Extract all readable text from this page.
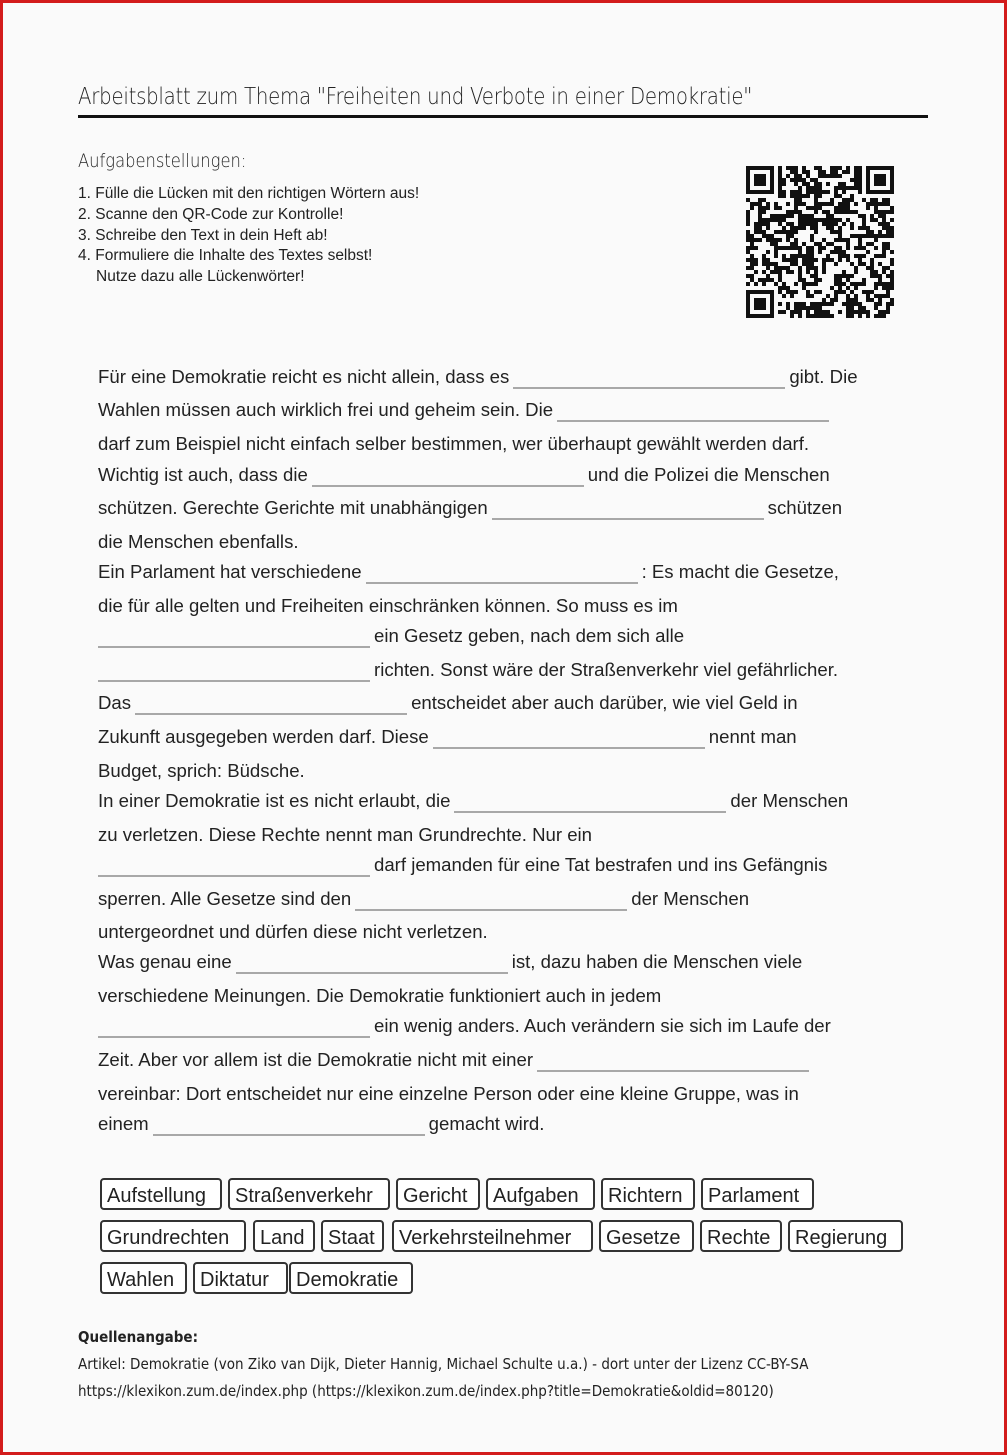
Arbeitsblatt zum Thema "Freiheiten und Verbote in einer Demokratie"
Aufgabenstellungen:
1. Fülle die Lücken mit den richtigen Wörtern aus!
2. Scanne den QR-Code zur Kontrolle!
3. Schreibe den Text in dein Heft ab!
4. Formuliere die Inhalte des Textes selbst!
Nutze dazu alle Lückenwörter!
Für eine Demokratie reicht es nicht allein, dass es	gibt. Die
Wahlen müssen auch wirklich frei und geheim sein. Die
darf zum Beispiel nicht einfach selber bestimmen, wer überhaupt gewählt werden darf.
Wichtig ist auch, dass die	und die Polizei die Menschen
schützen. Gerechte Gerichte mit unabhängigen	schützen
die Menschen ebenfalls.
Ein Parlament hat verschiedene	: Es macht die Gesetze,
die für alle gelten und Freiheiten einschränken können. So muss es im
ein Gesetz geben, nach dem sich alle
richten. Sonst wäre der Straßenverkehr viel gefährlicher.
Das	entscheidet aber auch darüber, wie viel Geld in
Zukunft ausgegeben werden darf. Diese	nennt man
Budget, sprich: Büdsche.
In einer Demokratie ist es nicht erlaubt, die	der Menschen
zu verletzen. Diese Rechte nennt man Grundrechte. Nur ein
darf jemanden für eine Tat bestrafen und ins Gefängnis
sperren. Alle Gesetze sind den	der Menschen
untergeordnet und dürfen diese nicht verletzen.
Was genau eine	ist, dazu haben die Menschen viele
verschiedene Meinungen. Die Demokratie funktioniert auch in jedem
ein wenig anders. Auch verändern sie sich im Laufe der
Zeit. Aber vor allem ist die Demokratie nicht mit einer
vereinbar: Dort entscheidet nur eine einzelne Person oder eine kleine Gruppe, was in
einem	gemacht wird.
Aufstellung	Straßenverkehr	Gericht	Aufgaben	Richtern	Parlament
Grundrechten	Land	Staat	Verkehrsteilnehmer	Gesetze	Rechte	Regierung
Wahlen	Diktatur	Demokratie
Quellenangabe:
Artikel: Demokratie (von Ziko van Dijk, Dieter Hannig, Michael Schulte u.a.) - dort unter der Lizenz CC-BY-SA
https://klexikon.zum.de/index.php (https://klexikon.zum.de/index.php?title=Demokratie&oldid=80120)
